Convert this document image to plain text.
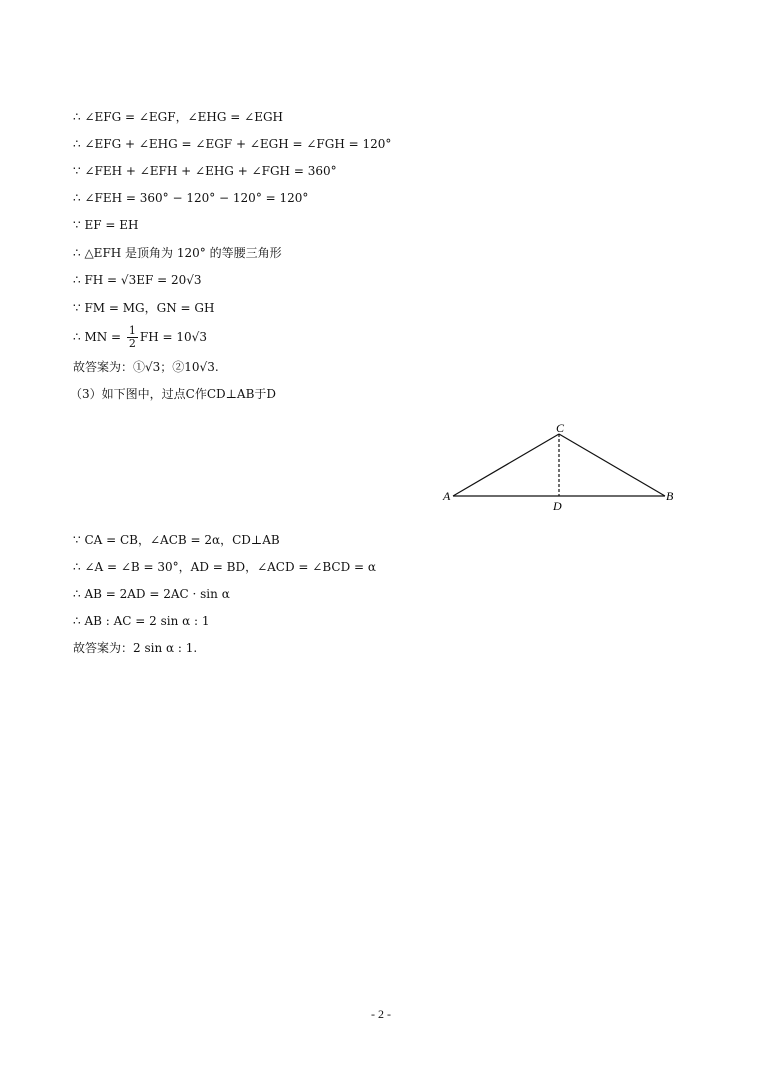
∴ ∠EFG = ∠EGF，∠EHG = ∠EGH
∴ ∠EFG + ∠EHG = ∠EGF + ∠EGH = ∠FGH = 120°
∵ ∠FEH + ∠EFH + ∠EHG + ∠FGH = 360°
∴ ∠FEH = 360° − 120° − 120° = 120°
∵ EF = EH
∴ △EFH 是顶角为 120° 的等腰三角形
∴ FH = √3EF = 20√3
∵ FM = MG，GN = GH
∴ MN = $\frac{1}{2}$ FH = 10√3
故答案为：①√3；②10√3.
（3）如下图中，过点C作CD⊥AB于D
A	B
C
D
∵ CA = CB，∠ACB = 2α，CD⊥AB
∴ ∠A = ∠B = 30°，AD = BD，∠ACD = ∠BCD = α
∴ AB = 2AD = 2AC · sin α
∴ AB : AC = 2 sin α : 1
故答案为：2 sin α : 1.
- 2 -
